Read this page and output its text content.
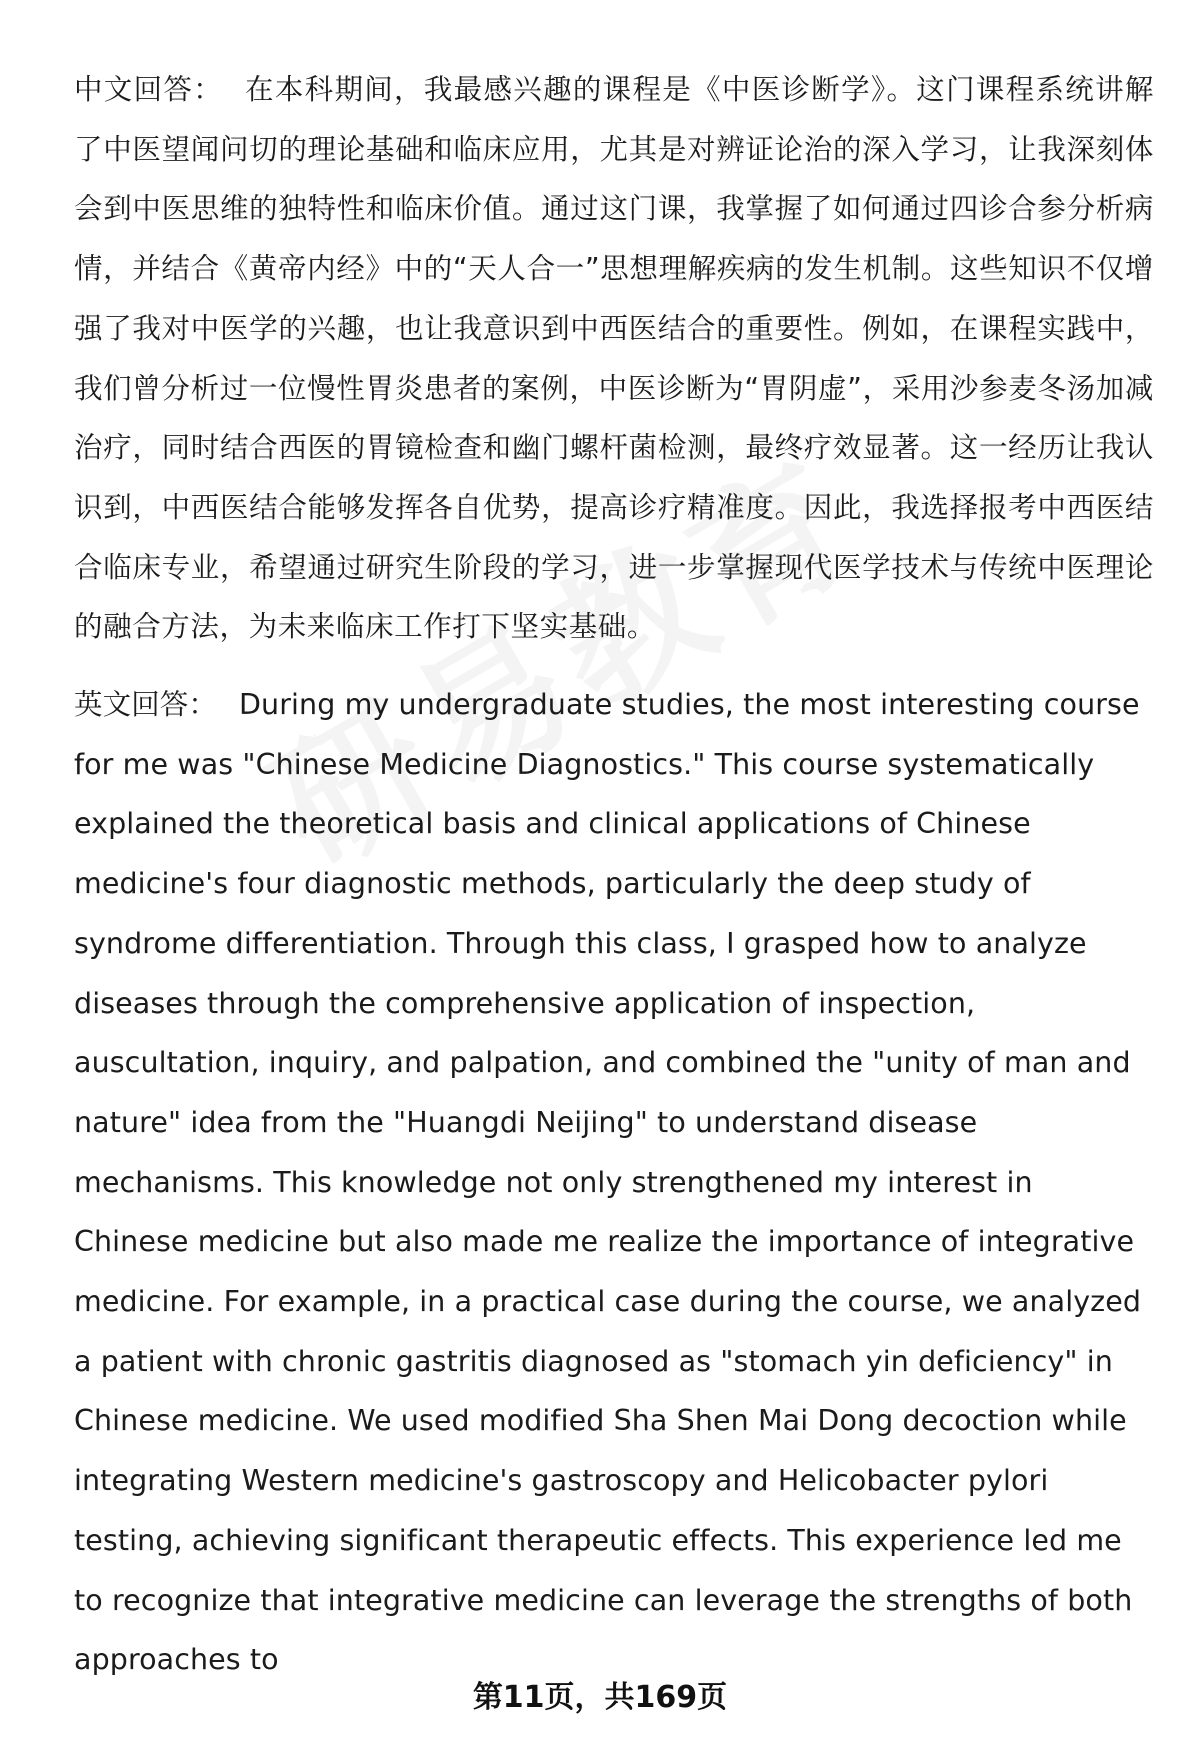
中文回答： 在本科期间，我最感兴趣的课程是《中医诊断学》。这门课程系统讲解了中医望闻问切的理论基础和临床应用，尤其是对辨证论治的深入学习，让我深刻体会到中医思维的独特性和临床价值。通过这门课，我掌握了如何通过四诊合参分析病情，并结合《黄帝内经》中的“天人合一”思想理解疾病的发生机制。这些知识不仅增强了我对中医学的兴趣，也让我意识到中西医结合的重要性。例如，在课程实践中，我们曾分析过一位慢性胃炎患者的案例，中医诊断为“胃阴虚”，采用沙参麦冬汤加减治疗，同时结合西医的胃镜检查和幽门螺杆菌检测，最终疗效显著。这一经历让我认识到，中西医结合能够发挥各自优势，提高诊疗精准度。因此，我选择报考中西医结合临床专业，希望通过研究生阶段的学习，进一步掌握现代医学技术与传统中医理论的融合方法，为未来临床工作打下坚实基础。

英文回答： During my undergraduate studies, the most interesting course for me was "Chinese Medicine Diagnostics." This course systematically explained the theoretical basis and clinical applications of Chinese medicine's four diagnostic methods, particularly the deep study of syndrome differentiation. Through this class, I grasped how to analyze diseases through the comprehensive application of inspection, auscultation, inquiry, and palpation, and combined the "unity of man and nature" idea from the "Huangdi Neijing" to understand disease mechanisms. This knowledge not only strengthened my interest in Chinese medicine but also made me realize the importance of integrative medicine. For example, in a practical case during the course, we analyzed a patient with chronic gastritis diagnosed as "stomach yin deficiency" in Chinese medicine. We used modified Sha Shen Mai Dong decoction while integrating Western medicine's gastroscopy and Helicobacter pylori testing, achieving significant therapeutic effects. This experience led me to recognize that integrative medicine can leverage the strengths of both approaches to

第11页，共169页
